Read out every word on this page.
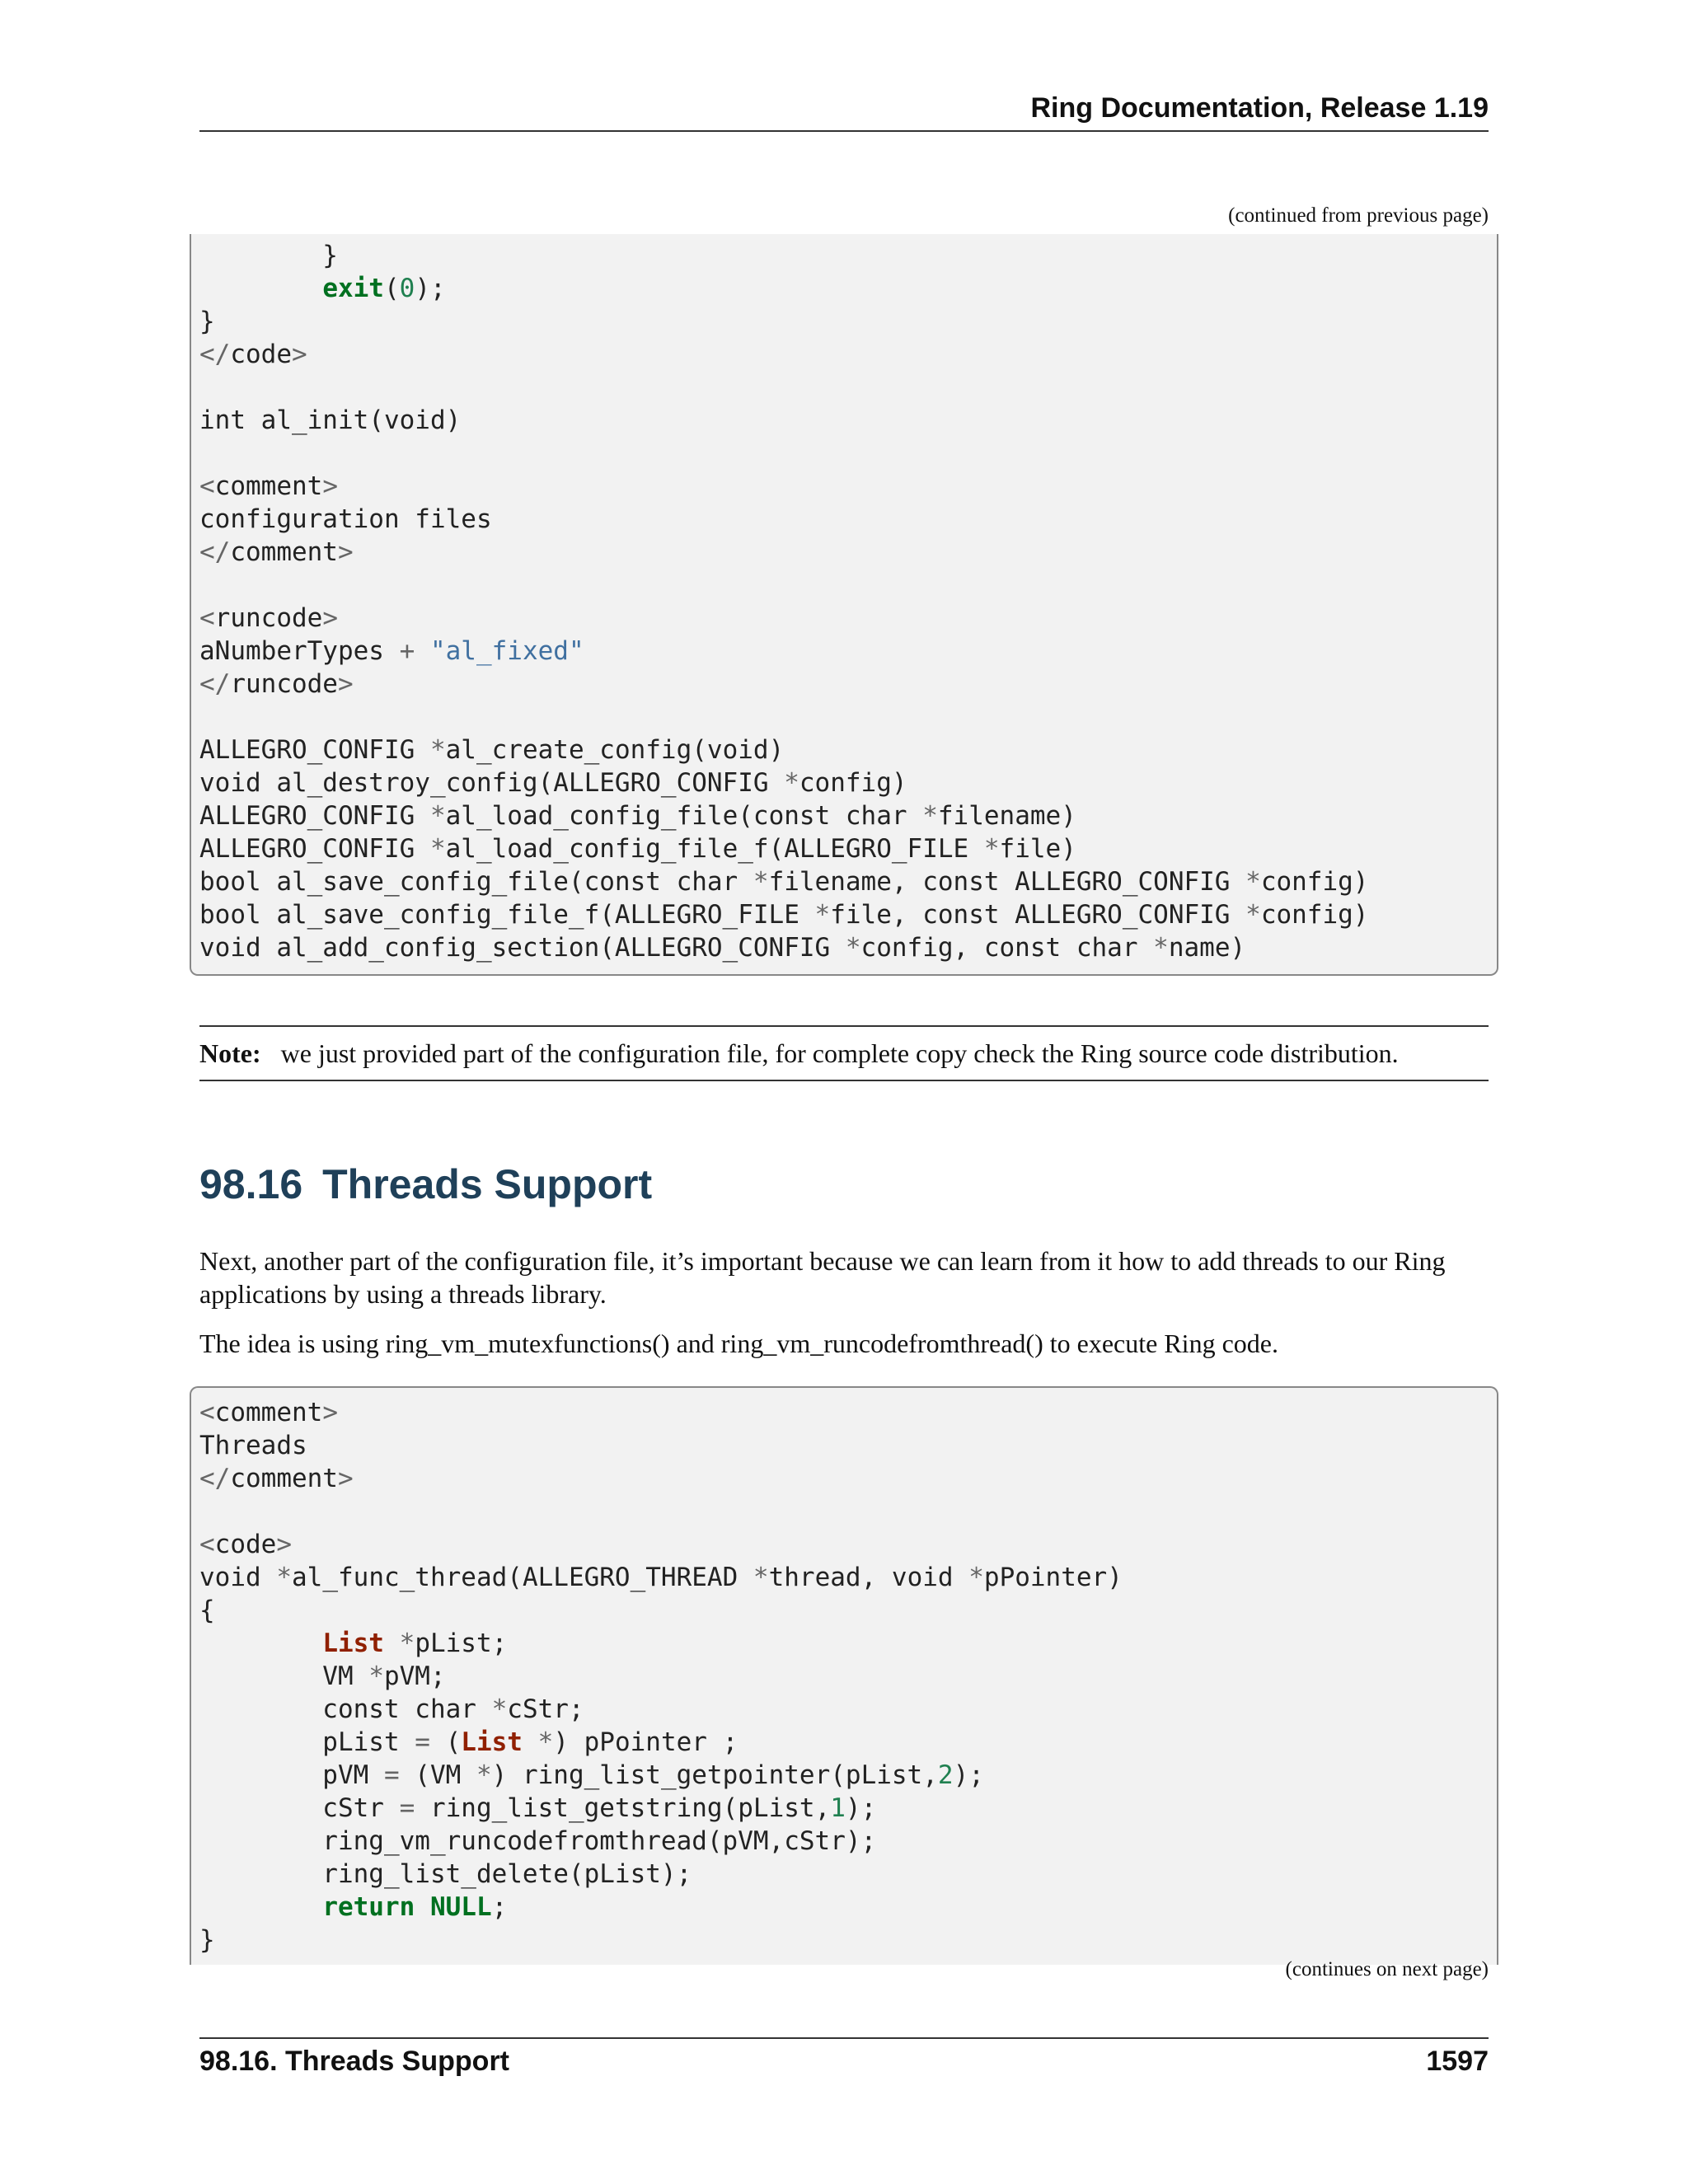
Ring Documentation, Release 1.19
(continued from previous page)
}
exit(0);
}
</code>

int al_init(void)

<comment>
configuration files
</comment>

<runcode>
aNumberTypes + "al_fixed"
</runcode>

ALLEGRO_CONFIG *al_create_config(void)
void al_destroy_config(ALLEGRO_CONFIG *config)
ALLEGRO_CONFIG *al_load_config_file(const char *filename)
ALLEGRO_CONFIG *al_load_config_file_f(ALLEGRO_FILE *file)
bool al_save_config_file(const char *filename, const ALLEGRO_CONFIG *config)
bool al_save_config_file_f(ALLEGRO_FILE *file, const ALLEGRO_CONFIG *config)
void al_add_config_section(ALLEGRO_CONFIG *config, const char *name)
Note: we just provided part of the configuration file, for complete copy check the Ring source code distribution.
98.16 Threads Support

Next, another part of the configuration file, it’s important because we can learn from it how to add threads to our Ring applications by using a threads library.

The idea is using ring_vm_mutexfunctions() and ring_vm_runcodefromthread() to execute Ring code.

<comment>
Threads
</comment>

<code>
void *al_func_thread(ALLEGRO_THREAD *thread, void *pPointer)
{
List *pList;
VM *pVM;
const char *cStr;
pList = (List *) pPointer ;
pVM = (VM *) ring_list_getpointer(pList,2);
cStr = ring_list_getstring(pList,1);
ring_vm_runcodefromthread(pVM,cStr);
ring_list_delete(pList);
return NULL;
}
(continues on next page)
98.16. Threads Support	1597
